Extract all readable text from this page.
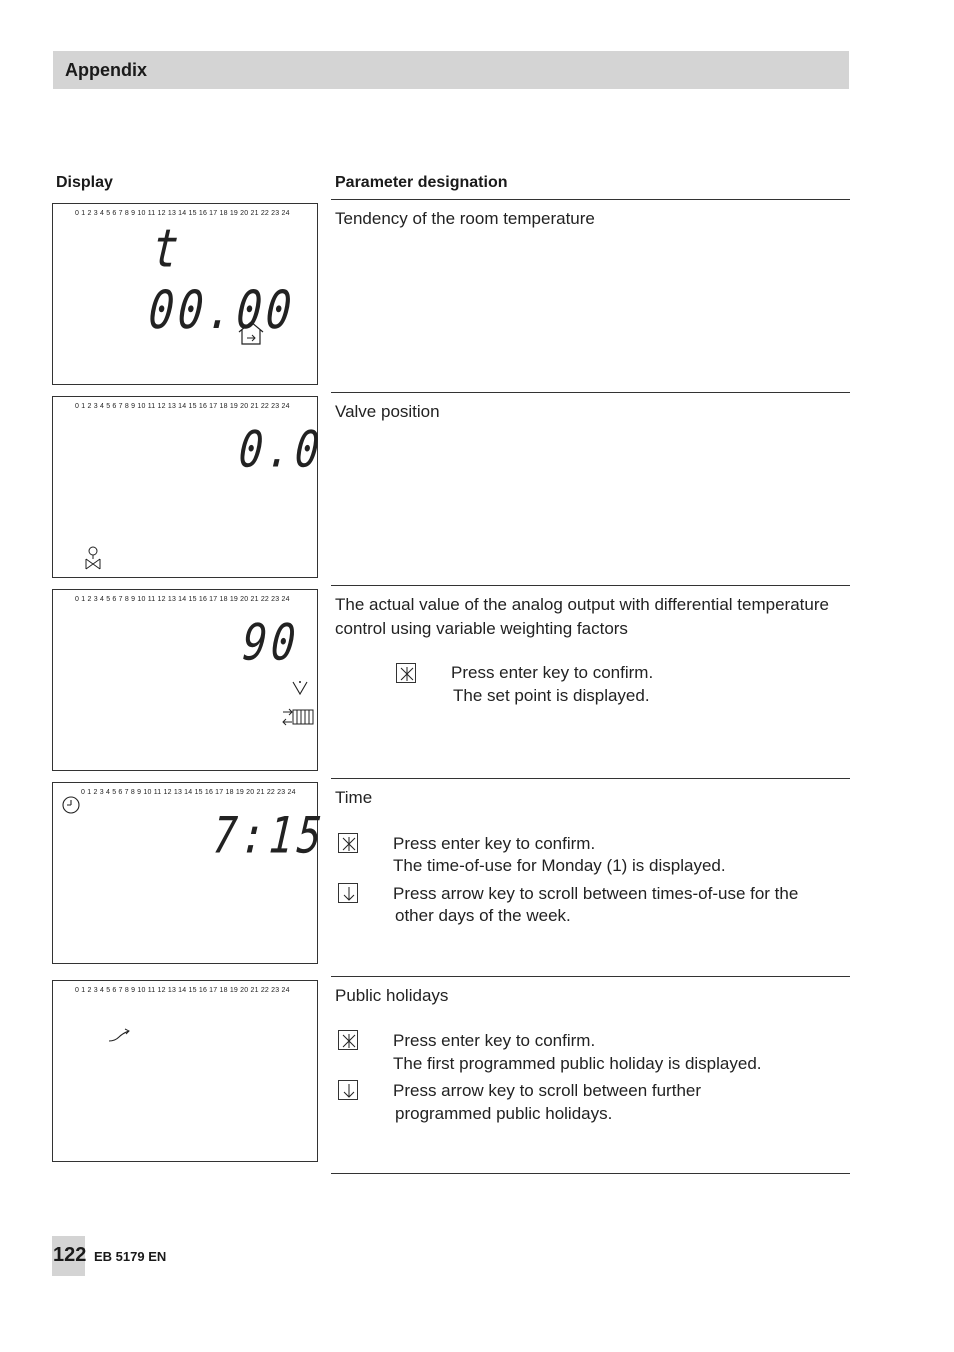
Appendix
Display	Parameter designation
0 1 2 3 4 5 6 7 8 9 10 11 12 13 14 15 16 17 18 19 20 21 22 23 24
t 00.00
Tendency of the room temperature
0 1 2 3 4 5 6 7 8 9 10 11 12 13 14 15 16 17 18 19 20 21 22 23 24
0.0
Valve position
0 1 2 3 4 5 6 7 8 9 10 11 12 13 14 15 16 17 18 19 20 21 22 23 24
90
The actual value of the analog output with differential temperature
control using variable weighting factors
Press enter key to confirm.
The set point is displayed.
0 1 2 3 4 5 6 7 8 9 10 11 12 13 14 15 16 17 18 19 20 21 22 23 24
7:15
Time
Press enter key to confirm.
The time-of-use for Monday (1) is displayed.
Press arrow key to scroll between times-of-use for the
other days of the week.
0 1 2 3 4 5 6 7 8 9 10 11 12 13 14 15 16 17 18 19 20 21 22 23 24	Public holidays
Press enter key to confirm.
The first programmed public holiday is displayed.
Press arrow key to scroll between further
programmed public holidays.
122 EB 5179 EN
